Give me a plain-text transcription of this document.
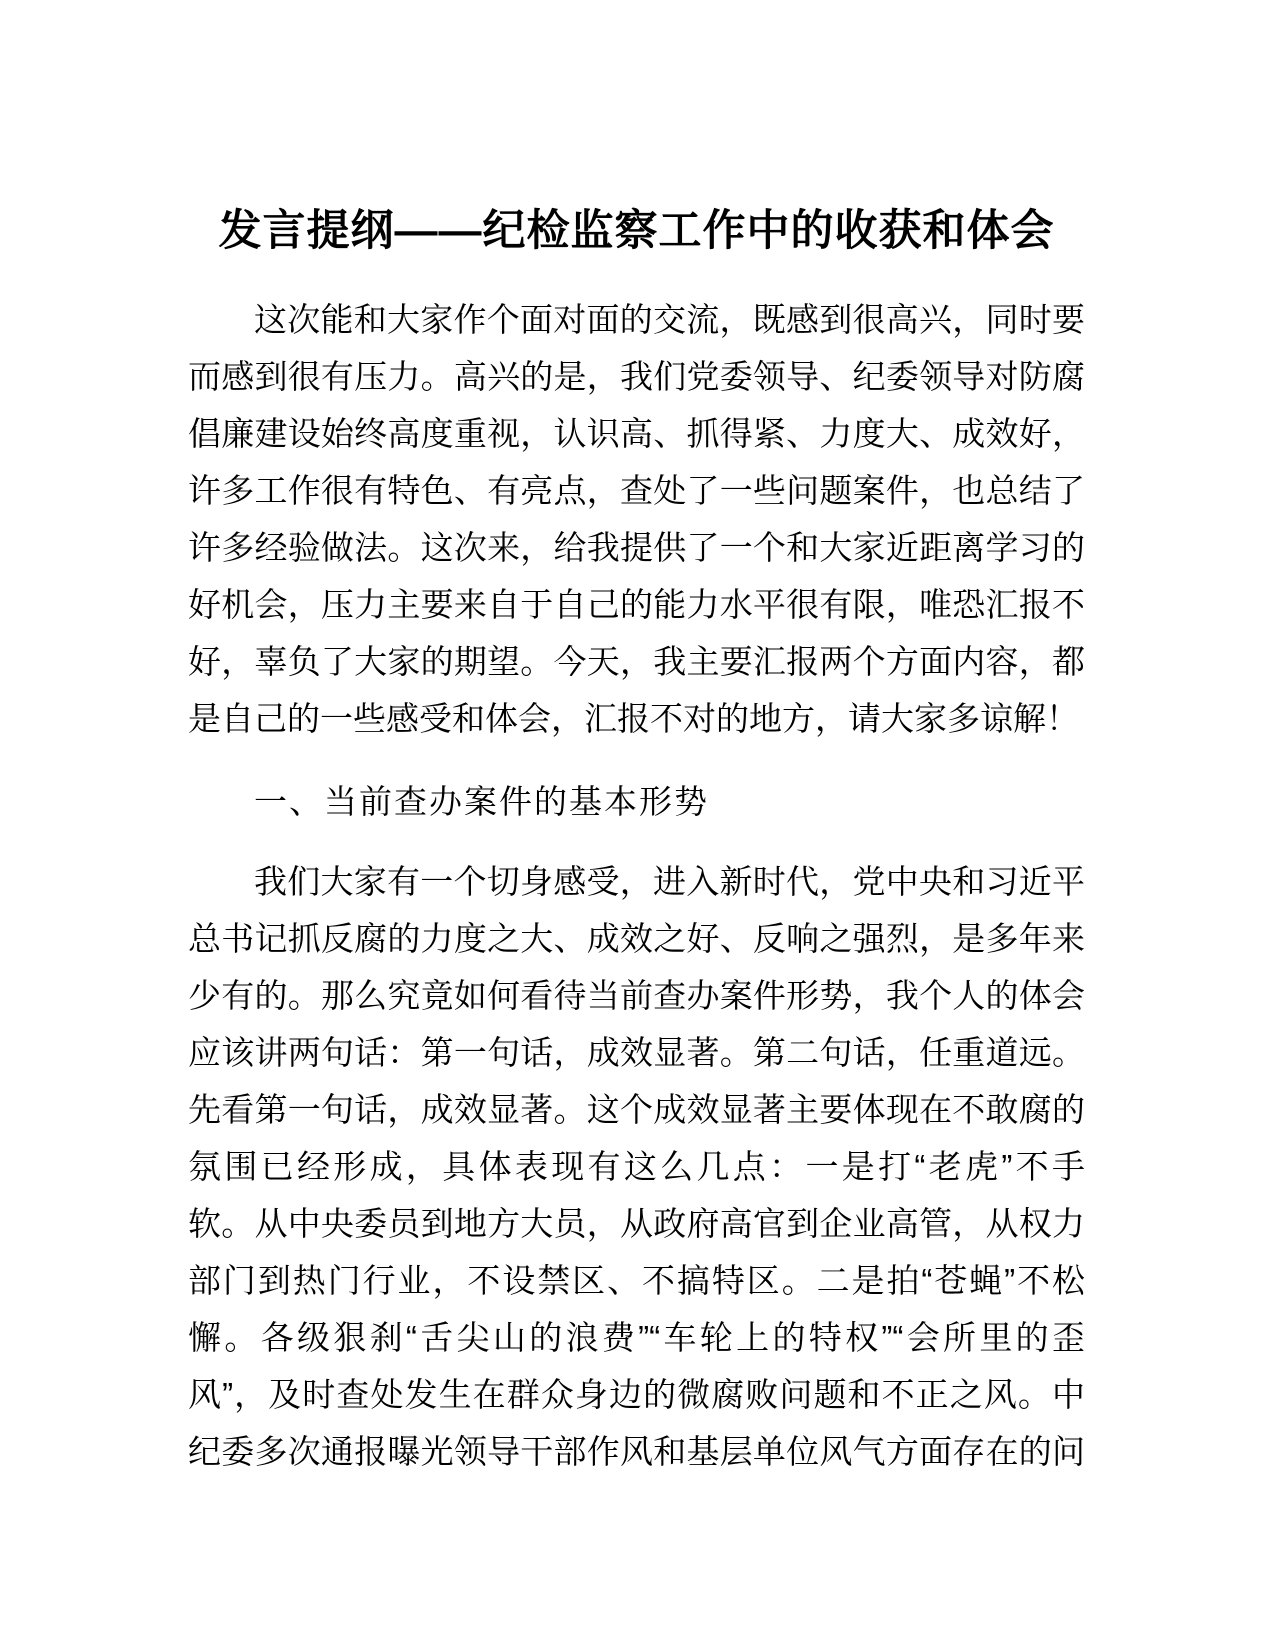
发言提纲——纪检监察工作中的收获和体会
这次能和大家作个面对面的交流，既感到很高兴，同时要
而感到很有压力。高兴的是，我们党委领导、纪委领导对防腐
倡廉建设始终高度重视，认识高、抓得紧、力度大、成效好，
许多工作很有特色、有亮点，查处了一些问题案件，也总结了
许多经验做法。这次来，给我提供了一个和大家近距离学习的
好机会，压力主要来自于自己的能力水平很有限，唯恐汇报不
好，辜负了大家的期望。今天，我主要汇报两个方面内容，都
是自己的一些感受和体会，汇报不对的地方，请大家多谅解！
一、当前查办案件的基本形势
我们大家有一个切身感受，进入新时代，党中央和习近平
总书记抓反腐的力度之大、成效之好、反响之强烈，是多年来
少有的。那么究竟如何看待当前查办案件形势，我个人的体会
应该讲两句话：第一句话，成效显著。第二句话，任重道远。
先看第一句话，成效显著。这个成效显著主要体现在不敢腐的
氛围已经形成，具体表现有这么几点：一是打“老虎”不手
软。从中央委员到地方大员，从政府高官到企业高管，从权力
部门到热门行业，不设禁区、不搞特区。二是拍“苍蝇”不松
懈。各级狠刹“舌尖山的浪费”“车轮上的特权”“会所里的歪
风”，及时查处发生在群众身边的微腐败问题和不正之风。中
纪委多次通报曝光领导干部作风和基层单位风气方面存在的问
